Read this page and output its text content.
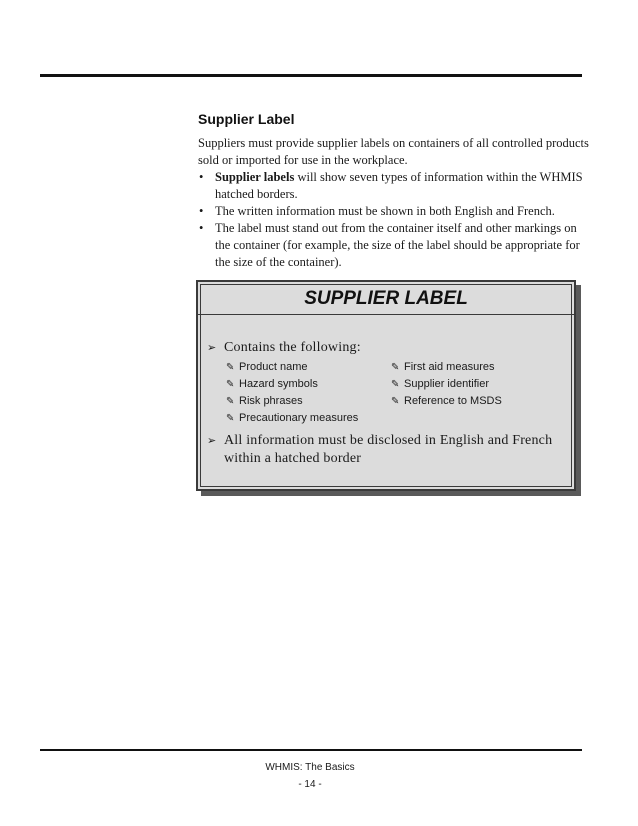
Supplier Label

Suppliers must provide supplier labels on containers of all controlled products sold or imported for use in the workplace.

• Supplier labels will show seven types of information within the WHMIS hatched borders.
• The written information must be shown in both English and French.
• The label must stand out from the container itself and other markings on the container (for example, the size of the label should be appropriate for the size of the container).
SUPPLIER LABEL
➢ Contains the following:
✎ Product name
✎ Hazard symbols
✎ Risk phrases
✎ Precautionary measures
✎ First aid measures
✎ Supplier identifier
✎ Reference to MSDS
➢ All information must be disclosed in English and French
within a hatched border
WHMIS: The Basics
- 14 -
